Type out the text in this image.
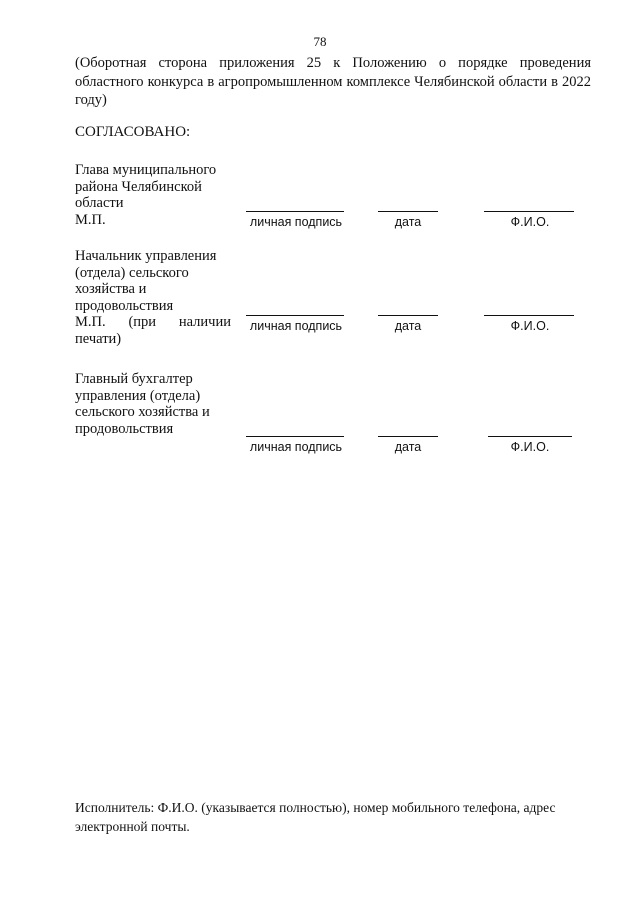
78
(Оборотная сторона приложения 25 к Положению о порядке проведения областного конкурса в агропромышленном комплексе Челябинской области в 2022 году)
СОГЛАСОВАНО:
Глава муниципального
района Челябинской
области
М.П.	личная подпись	дата	Ф.И.О.
Начальник управления
(отдела) сельского
хозяйства и
продовольствия
М.П. (при наличии
печати)
личная подпись	дата	Ф.И.О.
Главный бухгалтер
управления (отдела)
сельского хозяйства и
продовольствия
личная подпись	дата	Ф.И.О.
Исполнитель: Ф.И.О. (указывается полностью), номер мобильного телефона, адрес электронной почты.
